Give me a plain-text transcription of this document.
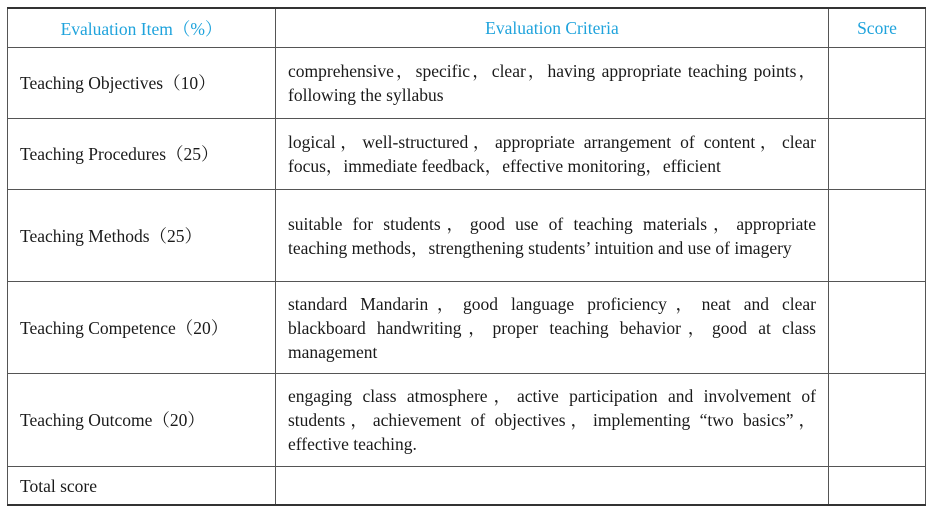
Evaluation Item（%）	Evaluation Criteria	Score
Teaching Objectives（10）	comprehensive，specific，clear，having appropriate teaching points，following the syllabus	
Teaching Procedures（25）	logical，well-structured，appropriate arrangement of content，clear focus，immediate feedback，effective monitoring，efficient	
Teaching Methods（25）	suitable for students，good use of teaching materials，appropriate teaching methods，strengthening students’ intuition and use of imagery	
Teaching Competence（20）	standard Mandarin，good language proficiency，neat and clear blackboard handwriting，proper teaching behavior，good at class management	
Teaching Outcome（20）	engaging class atmosphere，active participation and involvement of students，achievement of objectives，implementing “two basics”，effective teaching.	
Total score		
